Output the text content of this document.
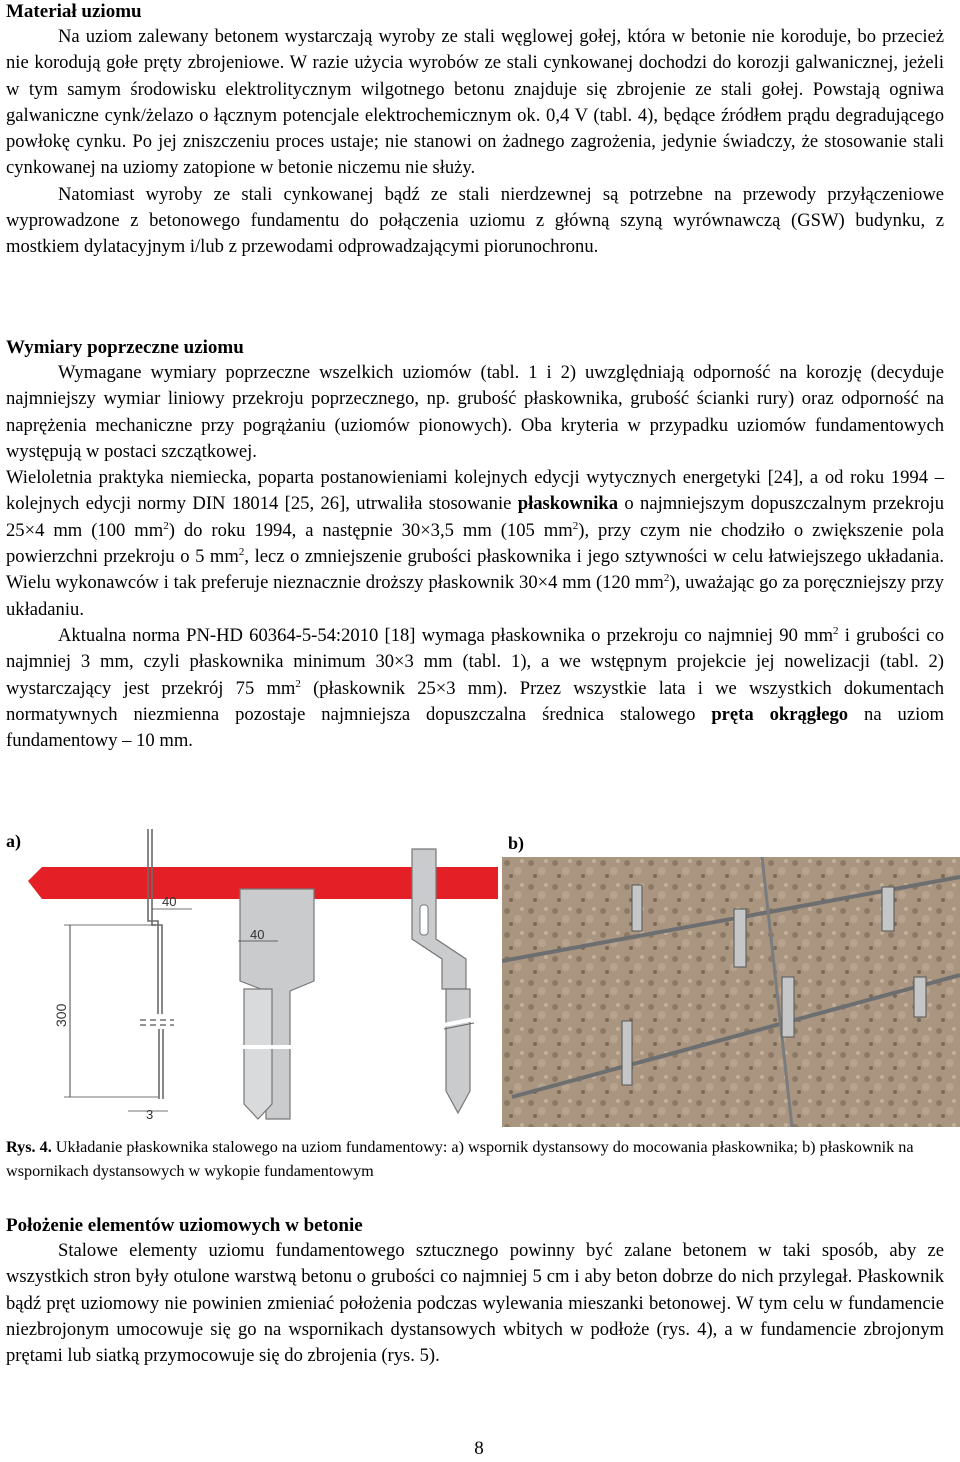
Materiał uziomu

Na uziom zalewany betonem wystarczają wyroby ze stali węglowej gołej, która w betonie nie koroduje, bo przecież nie korodują gołe pręty zbrojeniowe. W razie użycia wyrobów ze stali cynkowanej dochodzi do korozji galwanicznej, jeżeli w tym samym środowisku elektrolitycznym wilgotnego betonu znajduje się zbrojenie ze stali gołej. Powstają ogniwa galwaniczne cynk/żelazo o łącznym potencjale elektrochemicznym ok. 0,4 V (tabl. 4), będące źródłem prądu degradującego powłokę cynku. Po jej zniszczeniu proces ustaje; nie stanowi on żadnego zagrożenia, jedynie świadczy, że stosowanie stali cynkowanej na uziomy zatopione w betonie niczemu nie służy.

Natomiast wyroby ze stali cynkowanej bądź ze stali nierdzewnej są potrzebne na przewody przyłączeniowe wyprowadzone z betonowego fundamentu do połączenia uziomu z główną szyną wyrównawczą (GSW) budynku, z mostkiem dylatacyjnym i/lub z przewodami odprowadzającymi piorunochronu.

Wymiary poprzeczne uziomu

Wymagane wymiary poprzeczne wszelkich uziomów (tabl. 1 i 2) uwzględniają odporność na korozję (decyduje najmniejszy wymiar liniowy przekroju poprzecznego, np. grubość płaskownika, grubość ścianki rury) oraz odporność na naprężenia mechaniczne przy pogrążaniu (uziomów pionowych). Oba kryteria w przypadku uziomów fundamentowych występują w postaci szczątkowej.

Wieloletnia praktyka niemiecka, poparta postanowieniami kolejnych edycji wytycznych energetyki [24], a od roku 1994 – kolejnych edycji normy DIN 18014 [25, 26], utrwaliła stosowanie płaskownika o najmniejszym dopuszczalnym przekroju 25×4 mm (100 $mm^2$) do roku 1994, a następnie 30×3,5 mm (105 $mm^2$), przy czym nie chodziło o zwiększenie pola powierzchni przekroju o 5 $mm^2$, lecz o zmniejszenie grubości płaskownika i jego sztywności w celu łatwiejszego układania. Wielu wykonawców i tak preferuje nieznacznie droższy płaskownik 30×4 mm (120 $mm^2$), uważając go za poręczniejszy przy układaniu.

Aktualna norma PN-HD 60364-5-54:2010 [18] wymaga płaskownika o przekroju co najmniej 90 $mm^2$ i grubości co najmniej 3 mm, czyli płaskownika minimum 30×3 mm (tabl. 1), a we wstępnym projekcie jej nowelizacji (tabl. 2) wystarczający jest przekrój 75 $mm^2$ (płaskownik 25×3 mm). Przez wszystkie lata i we wszystkich dokumentach normatywnych niezmienna pozostaje najmniejsza dopuszczalna średnica stalowego pręta okrągłego na uziom fundamentowy – 10 mm.

a)	b)
300
40
3
40
Rys. 4. Układanie płaskownika stalowego na uziom fundamentowy: a) wspornik dystansowy do mocowania płaskownika; b) płaskownik na wspornikach dystansowych w wykopie fundamentowym
Położenie elementów uziomowych w betonie

Stalowe elementy uziomu fundamentowego sztucznego powinny być zalane betonem w taki sposób, aby ze wszystkich stron były otulone warstwą betonu o grubości co najmniej 5 cm i aby beton dobrze do nich przylegał. Płaskownik bądź pręt uziomowy nie powinien zmieniać położenia podczas wylewania mieszanki betonowej. W tym celu w fundamencie niezbrojonym umocowuje się go na wspornikach dystansowych wbitych w podłoże (rys. 4), a w fundamencie zbrojonym prętami lub siatką przymocowuje się do zbrojenia (rys. 5).

8
